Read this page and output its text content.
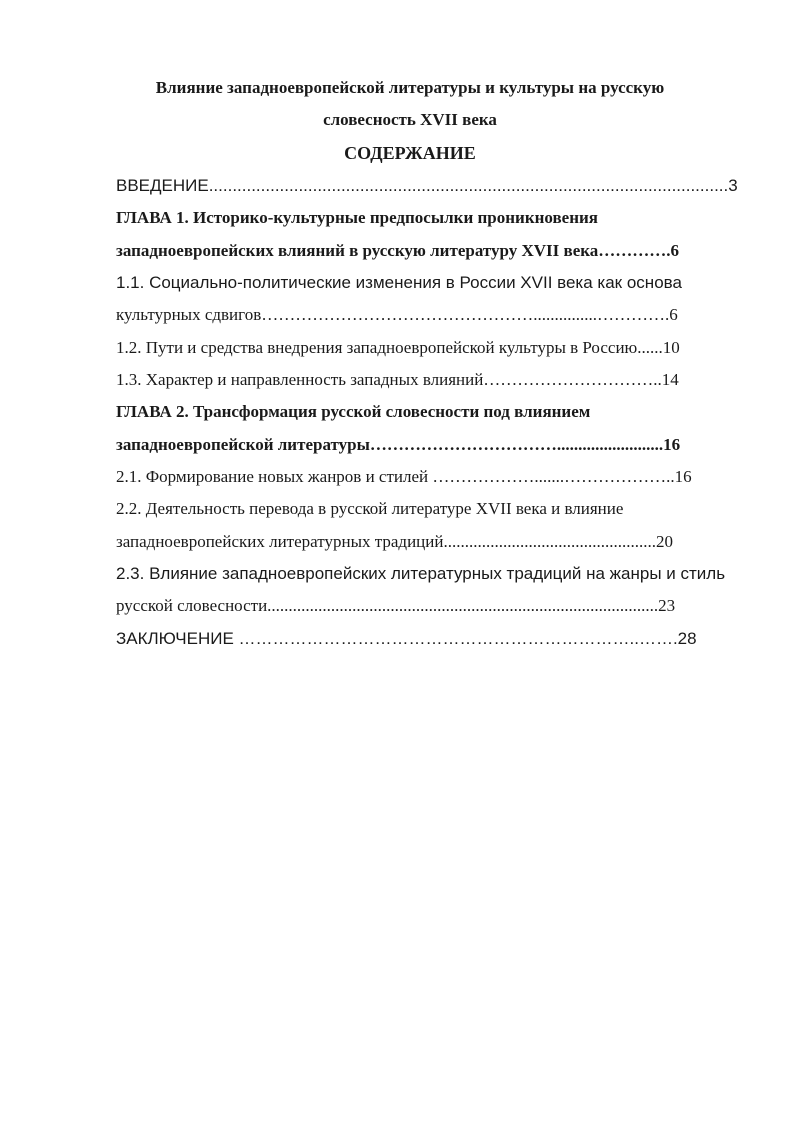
Влияние западноевропейской литературы и культуры на русскую
словесность XVII века
СОДЕРЖАНИЕ
ВВЕДЕНИЕ..............................................................................................................3
ГЛАВА 1. Историко-культурные предпосылки проникновения
западноевропейских влияний в русскую литературу XVII века………….6
1.1. Социально-политические изменения в России XVII века как основа
культурных сдвигов…………………………………………...............………….6
1.2. Пути и средства внедрения западноевропейской культуры в Россию......10
1.3. Характер и направленность западных влияний…………………………..14
ГЛАВА 2. Трансформация русской словесности под влиянием
западноевропейской литературы…………………………….........................16
2.1. Формирование новых жанров и стилей ……………….......………………..16
2.2. Деятельность перевода в русской литературе XVII века и влияние
западноевропейских литературных традиций..................................................20
2.3. Влияние западноевропейских литературных традиций на жанры и стиль
русской словесности............................................................................................23
ЗАКЛЮЧЕНИЕ ……………………………………………………………..…….28
